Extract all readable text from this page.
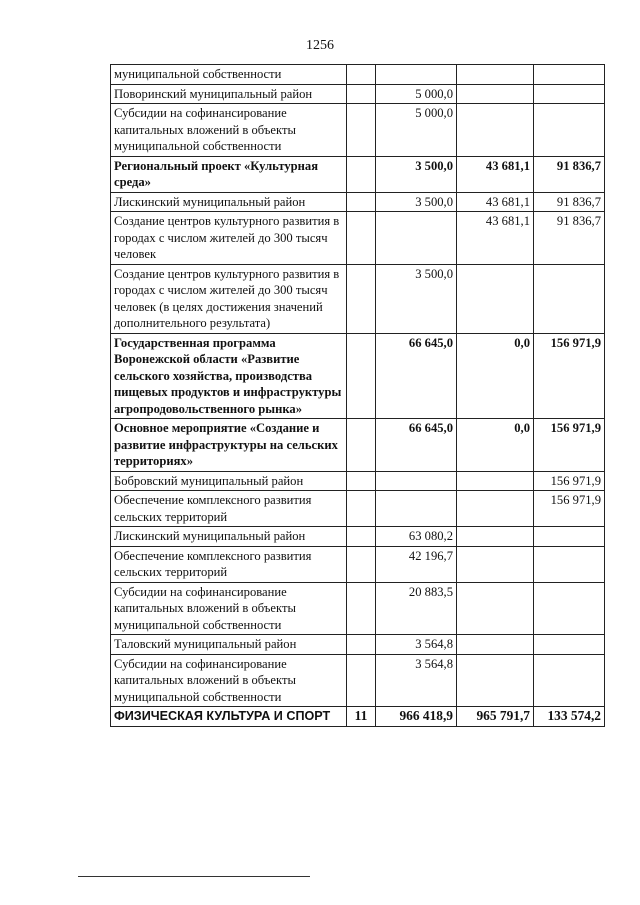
1256
муниципальной собственности				
Поворинский муниципальный район		5 000,0		
Субсидии на софинансирование капитальных вложений в объекты муниципальной собственности		5 000,0		
Региональный проект «Культурная среда»		3 500,0	43 681,1	91 836,7
Лискинский муниципальный район		3 500,0	43 681,1	91 836,7
Создание центров культурного развития в городах с числом жителей до 300 тысяч человек			43 681,1	91 836,7
Создание центров культурного развития в городах с числом жителей до 300 тысяч человек (в целях достижения значений дополнительного результата)		3 500,0		
Государственная программа Воронежской области «Развитие сельского хозяйства, производства пищевых продуктов и инфраструктуры агропродовольственного рынка»		66 645,0	0,0	156 971,9
Основное мероприятие «Создание и развитие инфраструктуры на сельских территориях»		66 645,0	0,0	156 971,9
Бобровский муниципальный район				156 971,9
Обеспечение комплексного развития сельских территорий				156 971,9
Лискинский муниципальный район		63 080,2		
Обеспечение комплексного развития сельских территорий		42 196,7		
Субсидии на софинансирование капитальных вложений в объекты муниципальной собственности		20 883,5		
Таловский муниципальный район		3 564,8		
Субсидии на софинансирование капитальных вложений в объекты муниципальной собственности		3 564,8		
ФИЗИЧЕСКАЯ КУЛЬТУРА И СПОРТ	11	966 418,9	965 791,7	133 574,2
